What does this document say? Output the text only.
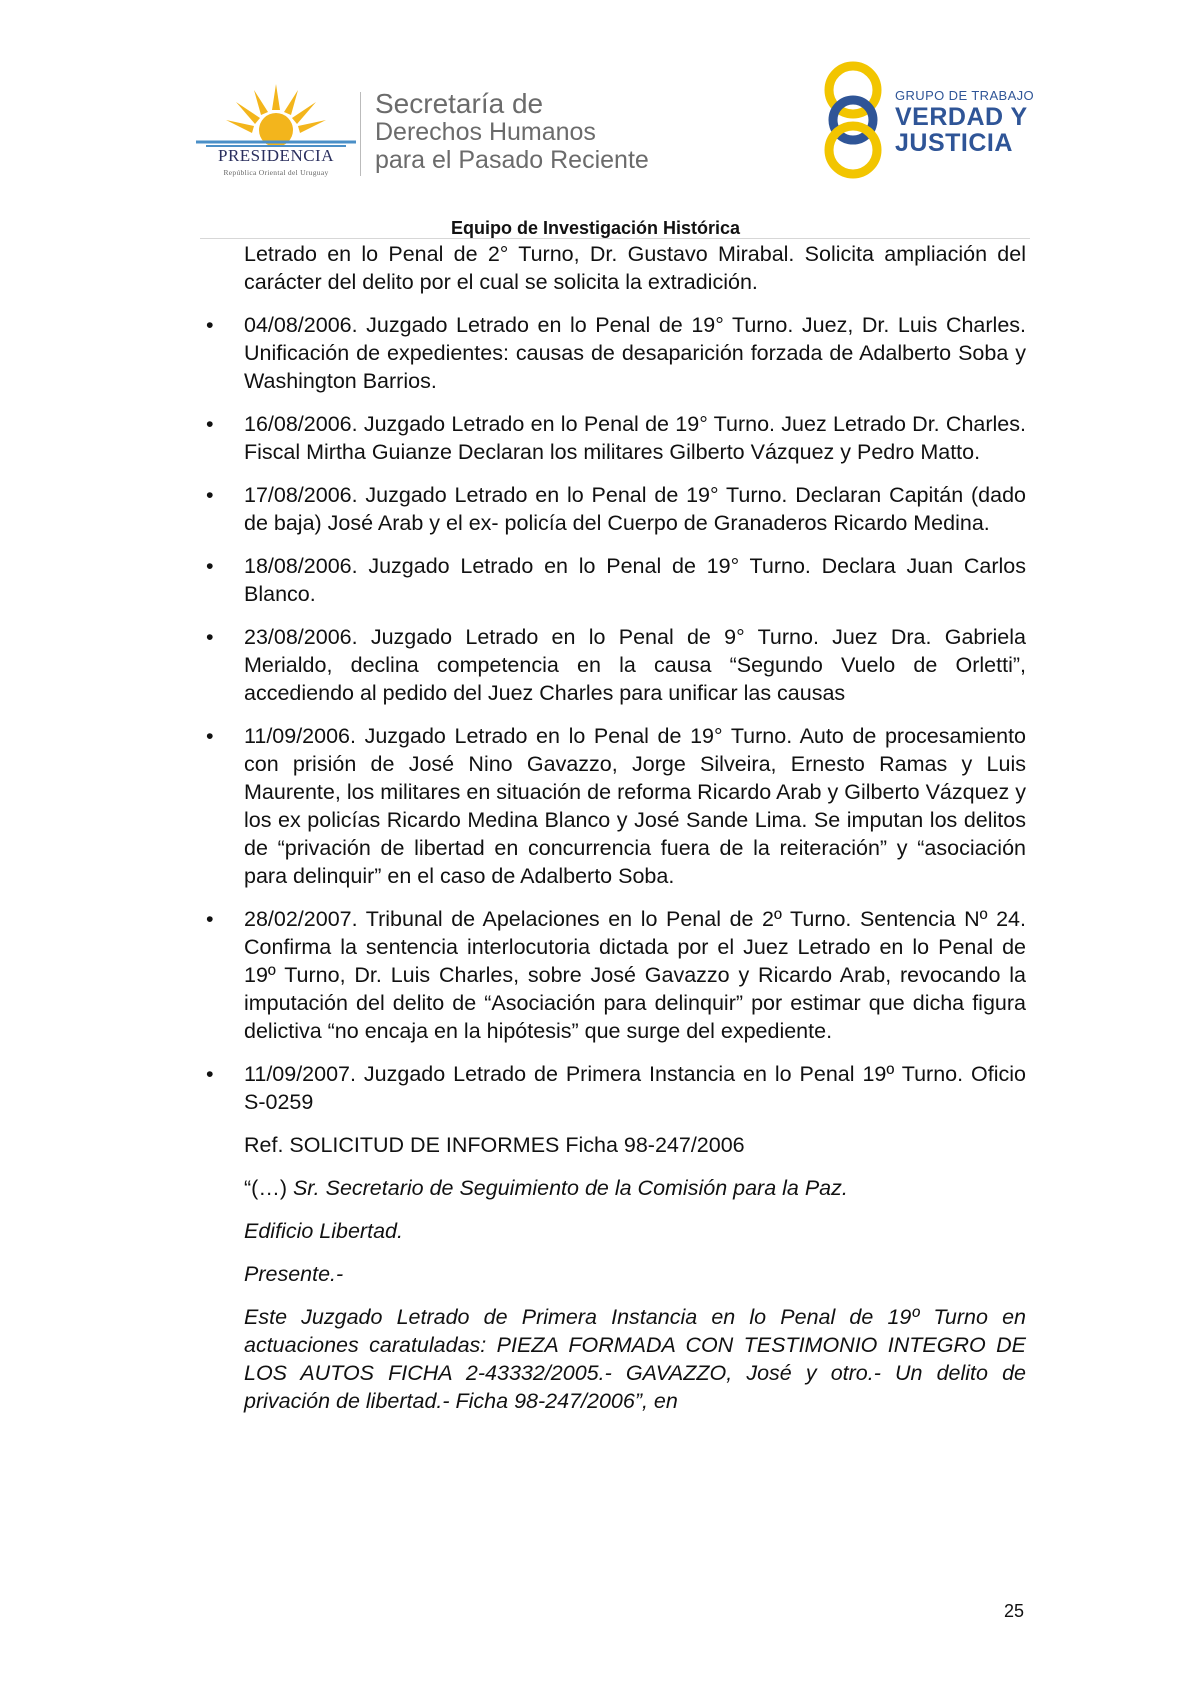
PRESIDENCIA
República Oriental del Uruguay
Secretaría de
Derechos Humanos
para el Pasado Reciente
GRUPO DE TRABAJO
VERDAD Y
JUSTICIA
Equipo de Investigación Histórica

Letrado en lo Penal de 2° Turno, Dr. Gustavo Mirabal. Solicita ampliación del carácter del delito por el cual se solicita la extradición.

• 04/08/2006. Juzgado Letrado en lo Penal de 19° Turno. Juez, Dr. Luis Charles. Unificación de expedientes: causas de desaparición forzada de Adalberto Soba y Washington Barrios.

• 16/08/2006. Juzgado Letrado en lo Penal de 19° Turno. Juez Letrado Dr. Charles. Fiscal Mirtha Guianze Declaran los militares Gilberto Vázquez y Pedro Matto.

• 17/08/2006. Juzgado Letrado en lo Penal de 19° Turno. Declaran Capitán (dado de baja) José Arab y el ex- policía del Cuerpo de Granaderos Ricardo Medina.

• 18/08/2006. Juzgado Letrado en lo Penal de 19° Turno. Declara Juan Carlos Blanco.

• 23/08/2006. Juzgado Letrado en lo Penal de 9° Turno. Juez Dra. Gabriela Merialdo, declina competencia en la causa “Segundo Vuelo de Orletti”, accediendo al pedido del Juez Charles para unificar las causas

• 11/09/2006. Juzgado Letrado en lo Penal de 19° Turno. Auto de procesamiento con prisión de José Nino Gavazzo, Jorge Silveira, Ernesto Ramas y Luis Maurente, los militares en situación de reforma Ricardo Arab y Gilberto Vázquez y los ex policías Ricardo Medina Blanco y José Sande Lima. Se imputan los delitos de “privación de libertad en concurrencia fuera de la reiteración” y “asociación para delinquir” en el caso de Adalberto Soba.

• 28/02/2007. Tribunal de Apelaciones en lo Penal de 2º Turno. Sentencia Nº 24. Confirma la sentencia interlocutoria dictada por el Juez Letrado en lo Penal de 19º Turno, Dr. Luis Charles, sobre José Gavazzo y Ricardo Arab, revocando la imputación del delito de “Asociación para delinquir” por estimar que dicha figura delictiva “no encaja en la hipótesis” que surge del expediente.

• 11/09/2007. Juzgado Letrado de Primera Instancia en lo Penal 19º Turno. Oficio S-0259

Ref. SOLICITUD DE INFORMES Ficha 98-247/2006

“(…) Sr. Secretario de Seguimiento de la Comisión para la Paz.

Edificio Libertad.

Presente.-

Este Juzgado Letrado de Primera Instancia en lo Penal de 19º Turno en actuaciones caratuladas: PIEZA FORMADA CON TESTIMONIO INTEGRO DE LOS AUTOS FICHA 2-43332/2005.- GAVAZZO, José y otro.- Un delito de privación de libertad.- Ficha 98-247/2006”, en

25
